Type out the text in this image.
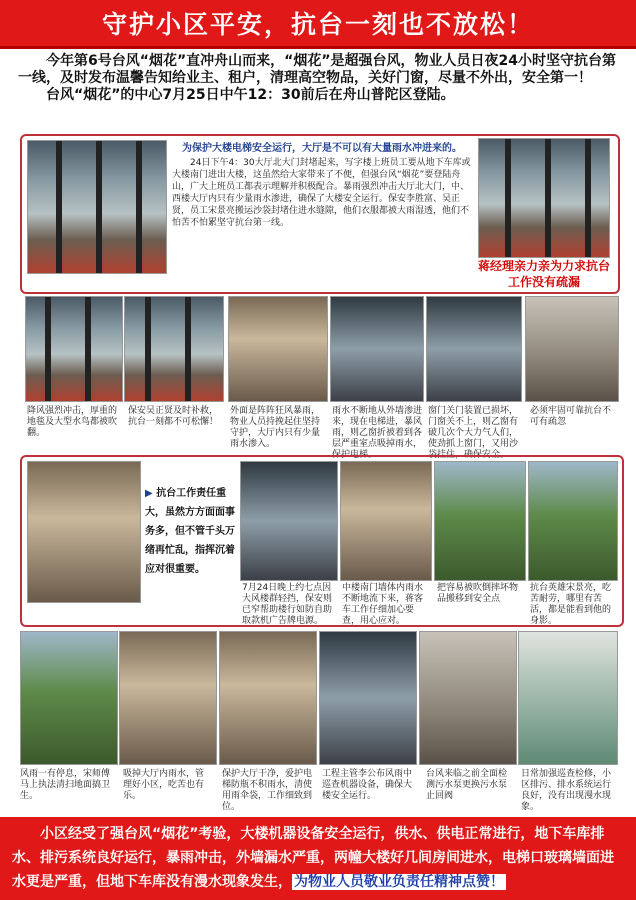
守护小区平安，抗台一刻也不放松！

今年第6号台风“烟花”直冲舟山而来，“烟花”是超强台风，物业人员日夜24小时坚守抗台第一线，及时发布温馨告知给业主、租户，清理高空物品，关好门窗，尽量不外出，安全第一！

台风“烟花”的中心7月25日中午12：30前后在舟山普陀区登陆。

为保护大楼电梯安全运行，大厅是不可以有大量雨水冲进来的。
24日下午4：30大厅北大门封堵起来，写字楼上班员工要从地下车库或大楼南门进出大楼，这虽然给大家带来了不便，但强台风“烟花”要登陆舟山，广大上班员工都表示理解并积极配合。暴雨强烈冲击大厅北大门，中、西楼大厅内只有少量雨水渗进，确保了大楼安全运行。保安李胜富、吴正贤，员工宋景亮搬运沙袋封堵住进水缝隙，他们衣服都被大雨湿透，他们不怕苦不怕累坚守抗台第一线。
蒋经理亲力亲为力求抗台工作没有疏漏
降风强烈冲击，厚重的地毯及大型水鸟都被吹翻。
保安吴正贤及时补救，抗台一刻都不可松懈！
外面是阵阵狂风暴雨，物业人员持挽起住坚持守护，大厅内只有少量雨水渗入。
雨水不断地从外墙渗进来，现在电梯进，暴风雨，则乙窗折被着到各层严重室点吸掉雨水，保护电梯。
窗门关门装置已损坏，门窗关不上，则乙窗有破几次个大力气人们，使劲抓上窗门，又用沙袋挂住，确保安全。
必须牢固可靠抗台不可有疏忽
▶ 抗台工作责任重大，虽然方方面面事务多，但不管千头万绪再忙乱，指挥沉着应对很重要。
7月24日晚上约七点因大风楼群轻挡，保安则已窄帮助楼行如防自助取款机广告牌电源。
中楼南门墙体内雨水不断地流下来，蒋客车工作仔细加心要查，用心应对。
把容易被吹倒摔坏物品搬移到安全点
抗台英雄宋景亮，吃苦耐劳，哪里有苦活，都是能看到他的身影。
风雨一有停息，宋师傅马上执法清扫地面搞卫生。
吸掉大厅内雨水，管理好小区，吃苦也有乐。
保护大厅干净，爱护电梯防瓶不积雨水，清使用雨伞袋，工作细致到位。
工程主管李公布风雨中巡查机器设备，确保大楼安全运行。
台风来临之前全面检测污水泵更换污水泵止回阀
日常加强巡查检修，小区排污、排水系统运行良好，没有出现漫水现象。

小区经受了强台风“烟花”考验，大楼机器设备安全运行，供水、供电正常进行，地下车库排水、排污系统良好运行，暴雨冲击，外墙漏水严重，两幢大楼好几间房间进水，电梯口玻璃墙面进水更是严重，但地下车库没有漫水现象发生， 为物业人员敬业负责任精神点赞！
